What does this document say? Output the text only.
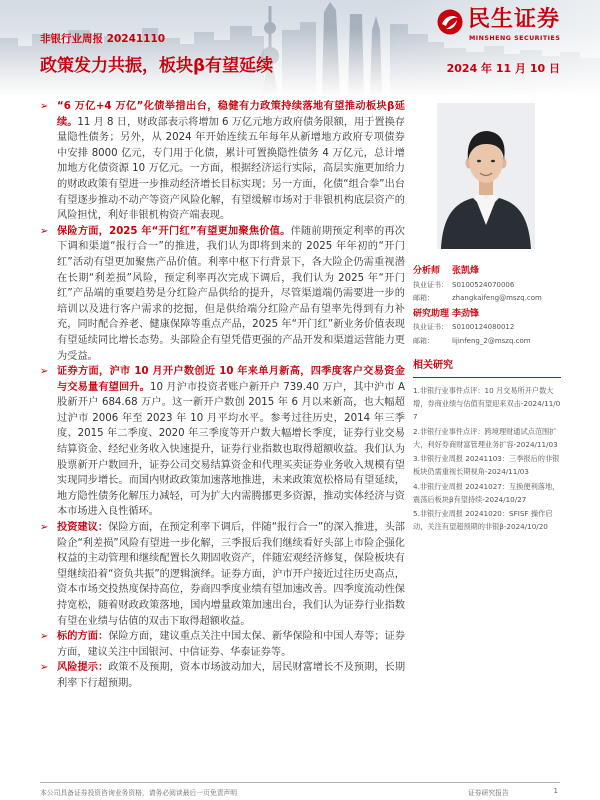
民生证券
MINSHENG SECURITIES
非银行业周报 20241110
政策发力共振，板块β有望延续	2024 年 11 月 10 日
➢
“6 万亿+4 万亿”化债举措出台，稳健有力政策持续落地有望推动板块β延续。11 月 8 日，财政部表示将增加 6 万亿元地方政府债务限额，用于置换存量隐性债务；另外，从 2024 年开始连续五年每年从新增地方政府专项债券中安排 8000 亿元，专门用于化债，累计可置换隐性债务 4 万亿元，总计增加地方化债资源 10 万亿元。一方面，根据经济运行实际，高层实施更加给力的财政政策有望进一步推动经济增长目标实现；另一方面，化债“组合拳”出台有望逐步推动不动产等资产风险化解，有望缓解市场对于非银机构底层资产的风险担忧，利好非银机构资产端表现。
➢
保险方面，2025 年“开门红”有望更加聚焦价值。伴随前期预定利率的再次下调和渠道“报行合一”的推进，我们认为即将到来的 2025 年年初的“开门红”活动有望更加聚焦产品价值。利率中枢下行背景下，各大险企仍需重视潜在长期“利差损”风险，预定利率再次完成下调后，我们认为 2025 年“开门红”产品端的重要趋势是分红险产品供给的提升，尽管渠道端仍需要进一步的培训以及进行客户需求的挖掘，但是供给端分红险产品有望率先得到有力补充，同时配合养老、健康保障等重点产品，2025 年“开门红”新业务价值表现有望延续同比增长态势。头部险企有望凭借更强的产品开发和渠道运营能力更为受益。
➢
证券方面，沪市 10 月开户数创近 10 年来单月新高，四季度客户交易资金与交易量有望回升。10 月沪市投资者账户新开户 739.40 万户，其中沪市 A 股新开户 684.68 万户。这一新开户数创 2015 年 6 月以来新高，也大幅超过沪市 2006 年至 2023 年 10 月平均水平。参考过往历史，2014 年三季度、2015 年二季度、2020 年三季度等开户数大幅增长季度，证券行业交易结算资金、经纪业务收入快速提升，证券行业指数也取得超额收益。我们认为股票新开户数回升，证券公司交易结算资金和代理买卖证券业务收入规模有望实现同步增长。而国内财政政策加速落地推进，未来政策宽松格局有望延续，地方隐性债务化解压力减轻，可为扩大内需腾挪更多资源，推动实体经济与资本市场进入良性循环。
➢
投资建议：保险方面，在预定利率下调后，伴随“报行合一”的深入推进，头部险企“利差损”风险有望进一步化解，三季报后我们继续看好头部上市险企强化权益的主动管理和继续配置长久期固收资产，伴随宏观经济修复，保险板块有望继续沿着“资负共振”的逻辑演绎。证券方面，沪市开户接近过往历史高点，资本市场交投热度保持高位，券商四季度业绩有望加速改善。四季度流动性保持宽松，随着财政政策落地，国内增量政策加速出台，我们认为证券行业指数有望在业绩与估值的双击下取得超额收益。
➢
标的方面：保险方面，建议重点关注中国太保、新华保险和中国人寿等；证券方面，建议关注中国银河、中信证券、华泰证券等。
➢
风险提示：政策不及预期，资本市场波动加大，居民财富增长不及预期，长期利率下行超预期。
分析师 张凯烽
执业证书： S0100524070006
邮箱：	zhangkaifeng@mszq.com
研究助理 李劲锋
执业证书： S0100124080012
邮箱：	lijinfeng_2@mszq.com
相关研究
1.非银行业事件点评：10 月交易所开户数大增，券商业绩与估值有望迎来双击-2024/11/07
2.非银行业事件点评：跨境理财通试点范围扩大，利好券商财富管理业务扩容-2024/11/03
3.非银行业周报 20241103：三季报后的非银板块仍需重视长期视角-2024/11/03
4.非银行业周报 20241027：互换便利落地，震荡后板块β有望持续-2024/10/27
5.非银行业周报 20241020：SFISF 操作启动，关注有望超预期的非银β-2024/10/20
本公司具备证券投资咨询业务资格，请务必阅读最后一页免责声明	证券研究报告	1
